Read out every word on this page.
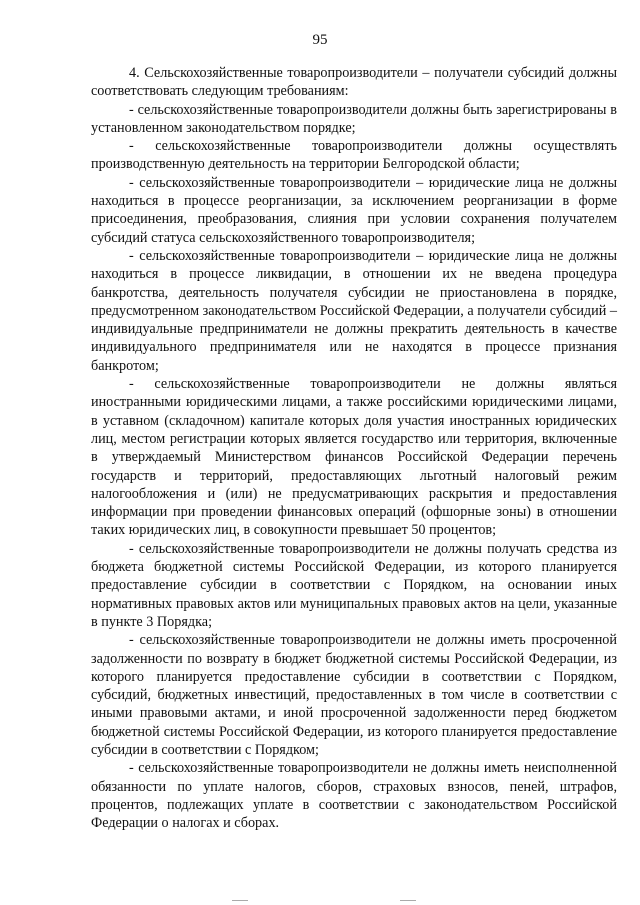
95

4. Сельскохозяйственные товаропроизводители – получатели субсидий должны соответствовать следующим требованиям:

- сельскохозяйственные товаропроизводители должны быть зарегистрированы в установленном законодательством порядке;

- сельскохозяйственные товаропроизводители должны осуществлять производственную деятельность на территории Белгородской области;

- сельскохозяйственные товаропроизводители – юридические лица не должны находиться в процессе реорганизации, за исключением реорганизации в форме присоединения, преобразования, слияния при условии сохранения получателем субсидий статуса сельскохозяйственного товаропроизводителя;

- сельскохозяйственные товаропроизводители – юридические лица не должны находиться в процессе ликвидации, в отношении их не введена процедура банкротства, деятельность получателя субсидии не приостановлена в порядке, предусмотренном законодательством Российской Федерации, а получатели субсидий – индивидуальные предприниматели не должны прекратить деятельность в качестве индивидуального предпринимателя или не находятся в процессе признания банкротом;

- сельскохозяйственные товаропроизводители не должны являться иностранными юридическими лицами, а также российскими юридическими лицами, в уставном (складочном) капитале которых доля участия иностранных юридических лиц, местом регистрации которых является государство или территория, включенные в утверждаемый Министерством финансов Российской Федерации перечень государств и территорий, предоставляющих льготный налоговый режим налогообложения и (или) не предусматривающих раскрытия и предоставления информации при проведении финансовых операций (офшорные зоны) в отношении таких юридических лиц, в совокупности превышает 50 процентов;

- сельскохозяйственные товаропроизводители не должны получать средства из бюджета бюджетной системы Российской Федерации, из которого планируется предоставление субсидии в соответствии с Порядком, на основании иных нормативных правовых актов или муниципальных правовых актов на цели, указанные в пункте 3 Порядка;

- сельскохозяйственные товаропроизводители не должны иметь просроченной задолженности по возврату в бюджет бюджетной системы Российской Федерации, из которого планируется предоставление субсидии в соответствии с Порядком, субсидий, бюджетных инвестиций, предоставленных в том числе в соответствии с иными правовыми актами, и иной просроченной задолженности перед бюджетом бюджетной системы Российской Федерации, из которого планируется предоставление субсидии в соответствии с Порядком;

- сельскохозяйственные товаропроизводители не должны иметь неисполненной обязанности по уплате налогов, сборов, страховых взносов, пеней, штрафов, процентов, подлежащих уплате в соответствии с законодательством Российской Федерации о налогах и сборах.
